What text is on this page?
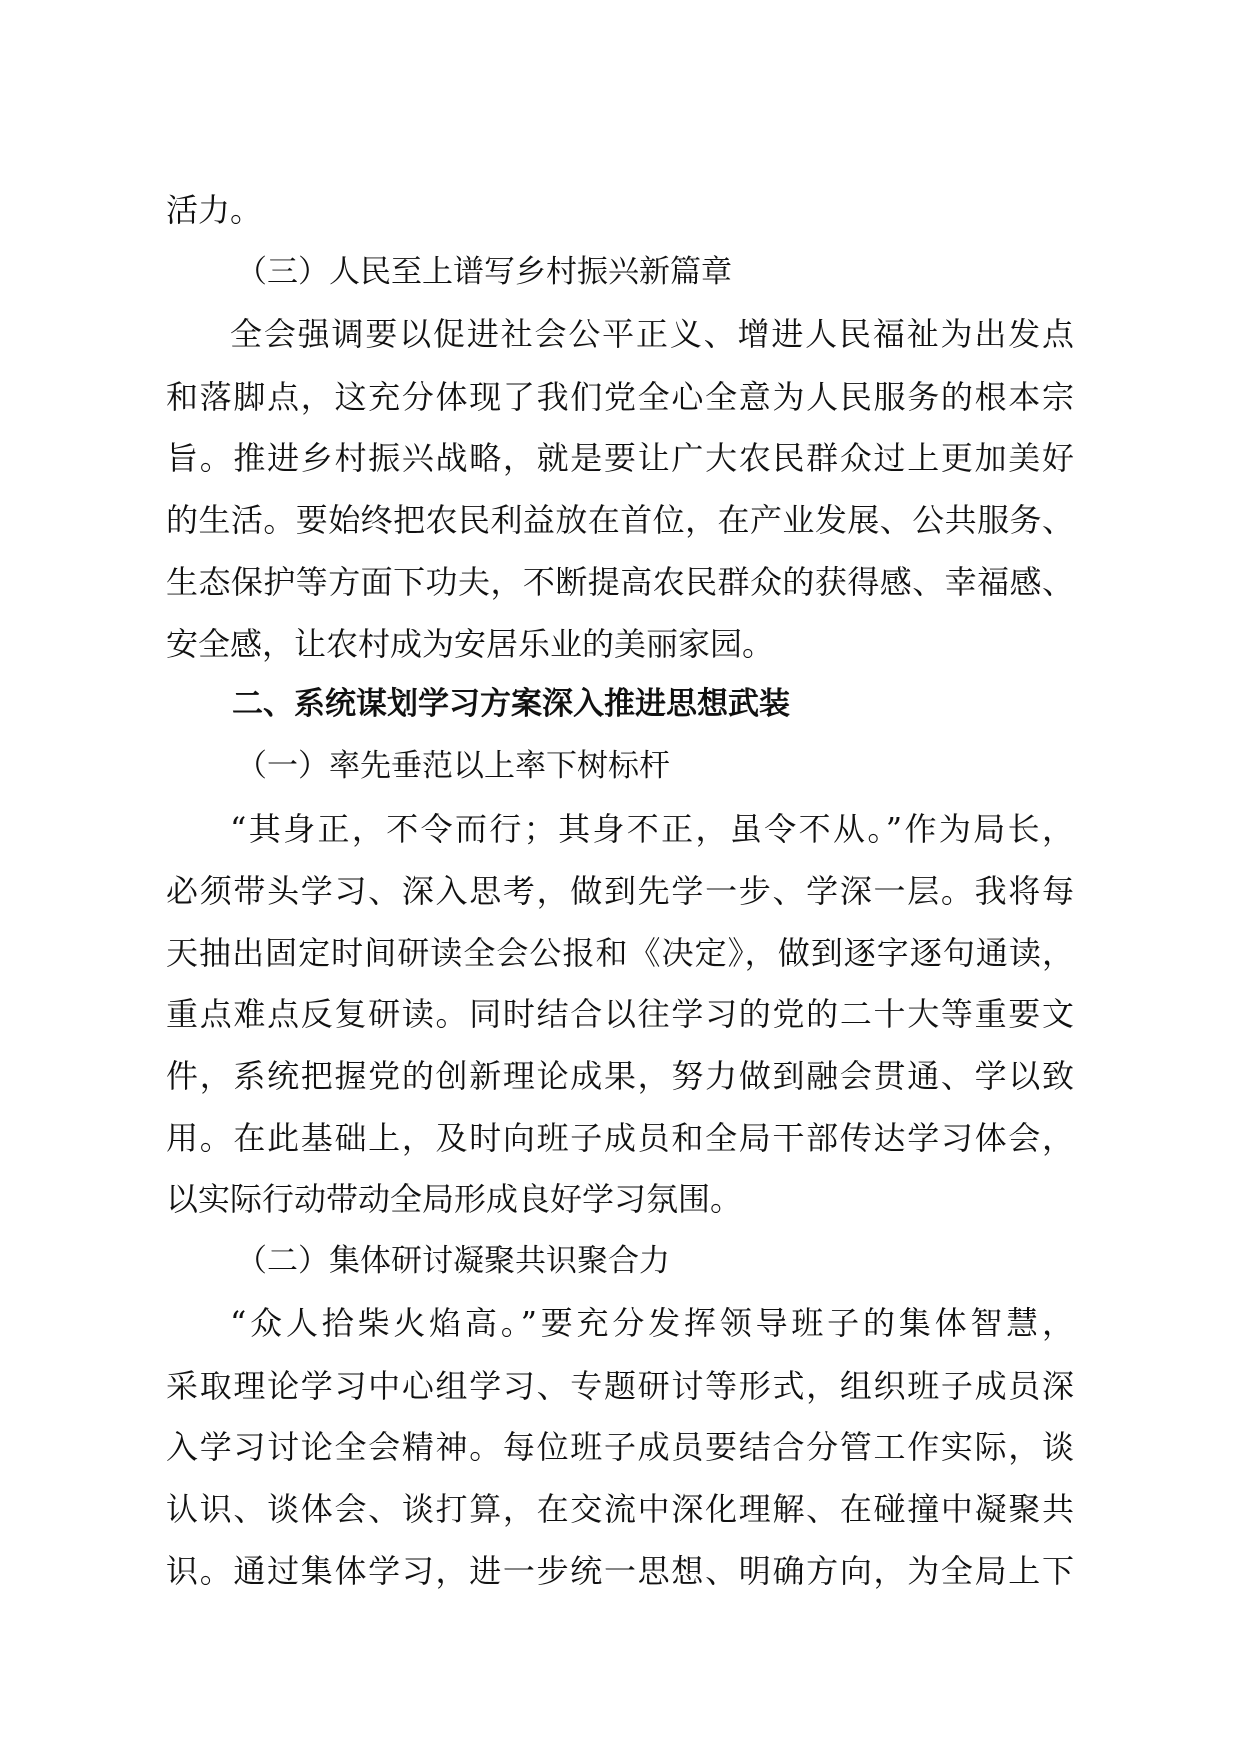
活力。

（三）人民至上谱写乡村振兴新篇章

全会强调要以促进社会公平正义、增进人民福祉为出发点

和落脚点，这充分体现了我们党全心全意为人民服务的根本宗

旨。推进乡村振兴战略，就是要让广大农民群众过上更加美好

的生活。要始终把农民利益放在首位，在产业发展、公共服务、

生态保护等方面下功夫，不断提高农民群众的获得感、幸福感、

安全感，让农村成为安居乐业的美丽家园。

二、系统谋划学习方案深入推进思想武装

（一）率先垂范以上率下树标杆

“其身正，不令而行；其身不正，虽令不从。”作为局长，

必须带头学习、深入思考，做到先学一步、学深一层。我将每

天抽出固定时间研读全会公报和《决定》，做到逐字逐句通读，

重点难点反复研读。同时结合以往学习的党的二十大等重要文

件，系统把握党的创新理论成果，努力做到融会贯通、学以致

用。在此基础上，及时向班子成员和全局干部传达学习体会，

以实际行动带动全局形成良好学习氛围。

（二）集体研讨凝聚共识聚合力

“众人拾柴火焰高。”要充分发挥领导班子的集体智慧，

采取理论学习中心组学习、专题研讨等形式，组织班子成员深

入学习讨论全会精神。每位班子成员要结合分管工作实际，谈

认识、谈体会、谈打算，在交流中深化理解、在碰撞中凝聚共

识。通过集体学习，进一步统一思想、明确方向，为全局上下
